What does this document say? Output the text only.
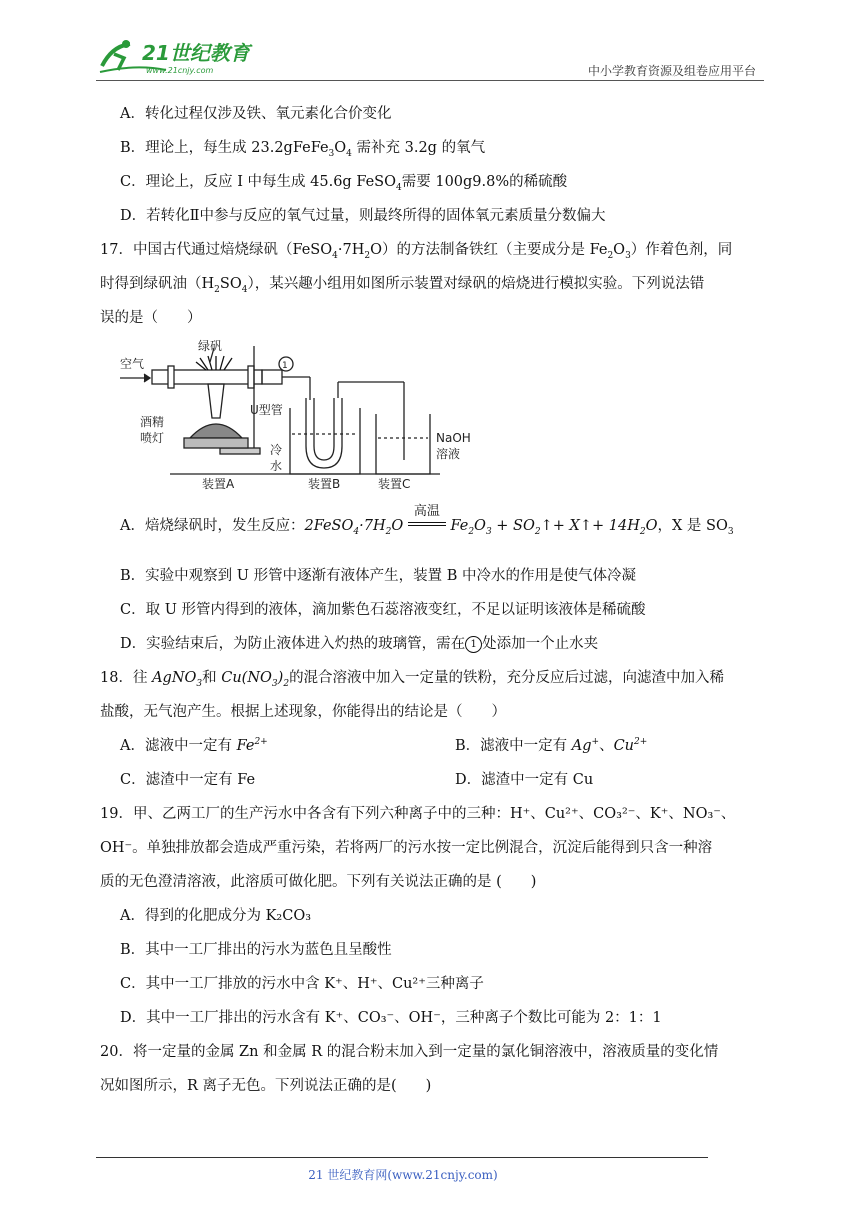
21世纪教育
www.21cnjy.com	中小学教育资源及组卷应用平台
A．转化过程仅涉及铁、氧元素化合价变化
B．理论上，每生成 $23.2gFeFe_3O_4$ 需补充 3.2g 的氧气
C．理论上，反应 I 中每生成 45.6g FeSO$_4$需要 100g9.8%的稀硫酸
D．若转化Ⅱ中参与反应的氧气过量，则最终所得的固体氧元素质量分数偏大
17．中国古代通过焙烧绿矾$(FeSO_4\cdot 7H_2O)$的方法制备铁红（主要成分是 $Fe_2O_3$）作着色剂，同
时得到绿矾油$(H_2SO_4)$，某兴趣小组用如图所示装置对绿矾的焙烧进行模拟实验。下列说法错
误的是（　　）
空气
绿矾
1
U型管
酒精
喷灯
冷
水
NaOH
溶液
装置A	装置B	装置C
A．焙烧绿矾时，发生反应：$2FeSO_4\cdot 7H_2O$
高温
$Fe_2O_3$ + $SO_2↑+$ X↑+ $14H_2O$，X 是 $SO_3$
B．实验中观察到 U 形管中逐渐有液体产生，装置 B 中冷水的作用是使气体冷凝
C．取 U 形管内得到的液体，滴加紫色石蕊溶液变红，不足以证明该液体是稀硫酸
D．实验结束后，为防止液体进入灼热的玻璃管，需在 1 处添加一个止水夹
18．往 AgNO$_3$和 $Cu(NO_3)_2$的混合溶液中加入一定量的铁粉，充分反应后过滤，向滤渣中加入稀
盐酸，无气泡产生。根据上述现象，你能得出的结论是（　　）
A．滤液中一定有 $Fe^{2+}$	B．滤液中一定有 Ag+、$Cu^{2+}$
C．滤渣中一定有 Fe	D．滤渣中一定有 Cu
19．甲、乙两工厂的生产污水中各含有下列六种离子中的三种：H⁺、Cu²⁺、CO₃²⁻、K⁺、NO₃⁻、
OH⁻。单独排放都会造成严重污染，若将两厂的污水按一定比例混合，沉淀后能得到只含一种溶
质的无色澄清溶液，此溶质可做化肥。下列有关说法正确的是 (　　)
A．得到的化肥成分为 K₂CO₃
B．其中一工厂排出的污水为蓝色且呈酸性
C．其中一工厂排放的污水中含 K⁺、H⁺、Cu²⁺三种离子
D．其中一工厂排出的污水含有 K⁺、CO₃⁻、OH⁻，三种离子个数比可能为 2：1：1
20．将一定量的金属 Zn 和金属 R 的混合粉末加入到一定量的氯化铜溶液中，溶液质量的变化情
况如图所示，R 离子无色。下列说法正确的是(　　)
21 世纪教育网(www.21cnjy.com)
